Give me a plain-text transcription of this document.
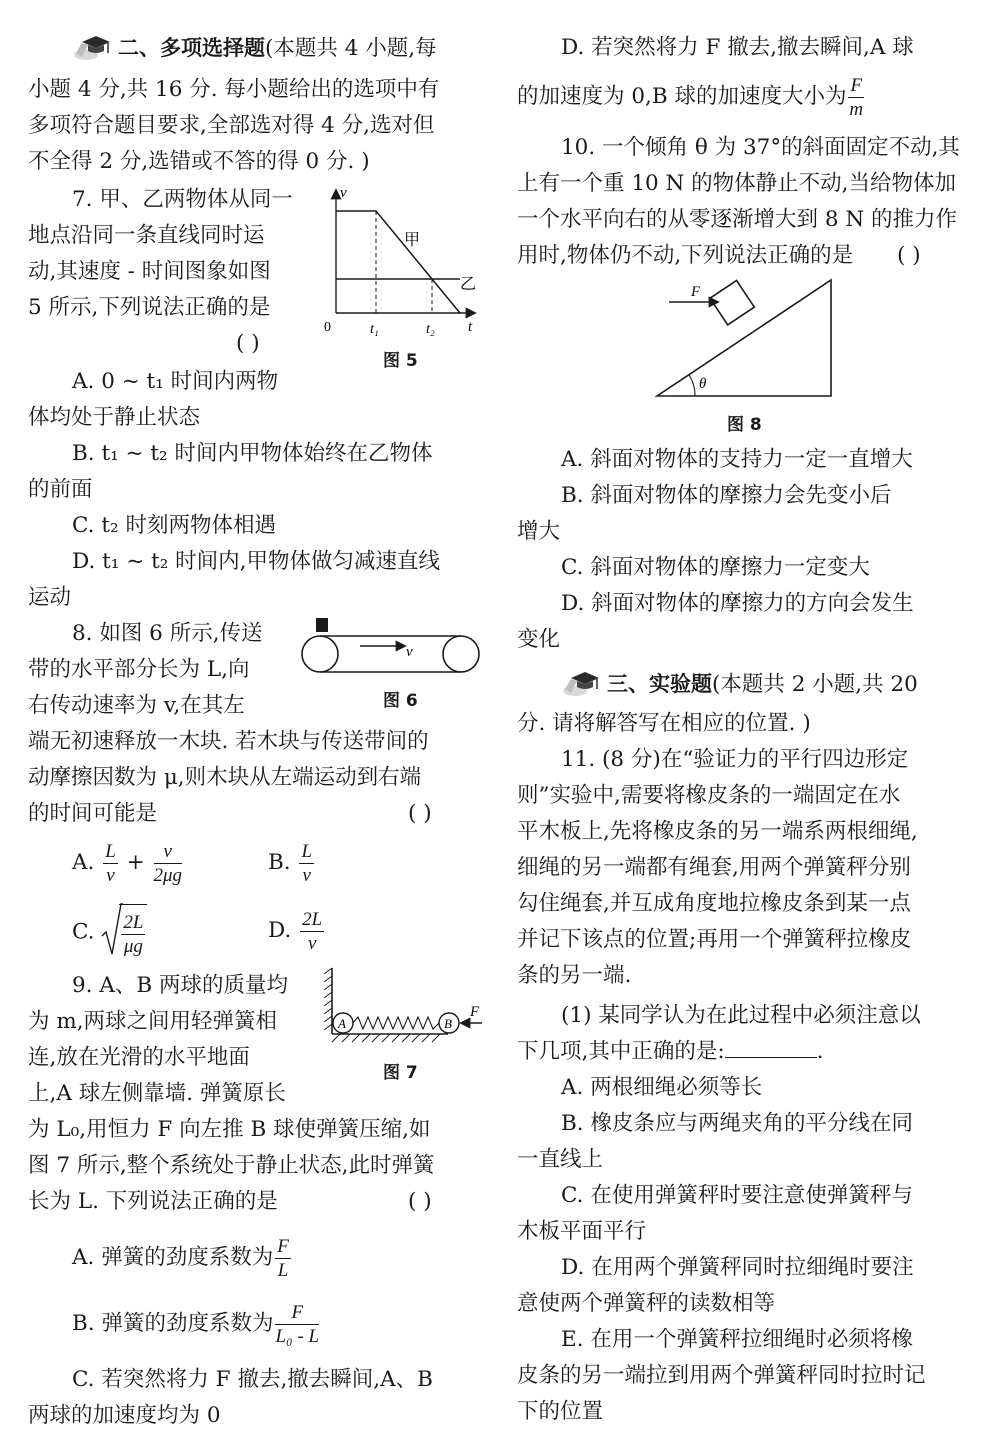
二、多项选择题(本题共 4 小题,每
小题 4 分,共 16 分. 每小题给出的选项中有
多项符合题目要求,全部选对得 4 分,选对但
不全得 2 分,选错或不答的得 0 分. )
7. 甲、乙两物体从同一
地点沿同一条直线同时运
动,其速度 - 时间图象如图
5 所示,下列说法正确的是
( )
v
t
0	t₁	t₂
甲
乙
图 5
A. 0 ~ t₁ 时间内两物
体均处于静止状态
B. t₁ ~ t₂ 时间内甲物体始终在乙物体
的前面
C. t₂ 时刻两物体相遇
D. t₁ ~ t₂ 时间内,甲物体做匀减速直线
运动
8. 如图 6 所示,传送
带的水平部分长为 L,向
右传动速率为 v,在其左
v
图 6
端无初速释放一木块. 若木块与传送带间的
动摩擦因数为 μ,则木块从左端运动到右端
的时间可能是	( )
A. $\frac{L}{v} + \frac{v}{2\mu g}$	B. $\frac{L}{v}$
C. $\frac{2L}{\mu g}$	D. $\frac{2L}{v}$
9. A、B 两球的质量均
为 m,两球之间用轻弹簧相
连,放在光滑的水平地面
上,A 球左侧靠墙. 弹簧原长
A	B
F
图 7
为 L₀,用恒力 F 向左推 B 球使弹簧压缩,如
图 7 所示,整个系统处于静止状态,此时弹簧
长为 L. 下列说法正确的是	( )
A. 弹簧的劲度系数为 $\frac{F}{L}$
B. 弹簧的劲度系数为 $\frac{F}{\text{L₀ - L}}$
C. 若突然将力 F 撤去,撤去瞬间,A、B
两球的加速度均为 0
D. 若突然将力 F 撤去,撤去瞬间,A 球
的加速度为 0,B 球的加速度大小为 $\frac{F}{m}$
10. 一个倾角 θ 为 37°的斜面固定不动,其
上有一个重 10 N 的物体静止不动,当给物体加
一个水平向右的从零逐渐增大到 8 N 的推力作
用时,物体仍不动,下列说法正确的是 ( )
F
θ
图 8
A. 斜面对物体的支持力一定一直增大
B. 斜面对物体的摩擦力会先变小后
增大
C. 斜面对物体的摩擦力一定变大
D. 斜面对物体的摩擦力的方向会发生
变化
三、实验题(本题共 2 小题,共 20
分. 请将解答写在相应的位置. )
11. (8 分)在“验证力的平行四边形定
则”实验中,需要将橡皮条的一端固定在水
平木板上,先将橡皮条的另一端系两根细绳,
细绳的另一端都有绳套,用两个弹簧秤分别
勾住绳套,并互成角度地拉橡皮条到某一点
并记下该点的位置;再用一个弹簧秤拉橡皮
条的另一端.
(1) 某同学认为在此过程中必须注意以
下几项,其中正确的是:	.
A. 两根细绳必须等长
B. 橡皮条应与两绳夹角的平分线在同
一直线上
C. 在使用弹簧秤时要注意使弹簧秤与
木板平面平行
D. 在用两个弹簧秤同时拉细绳时要注
意使两个弹簧秤的读数相等
E. 在用一个弹簧秤拉细绳时必须将橡
皮条的另一端拉到用两个弹簧秤同时拉时记
下的位置
